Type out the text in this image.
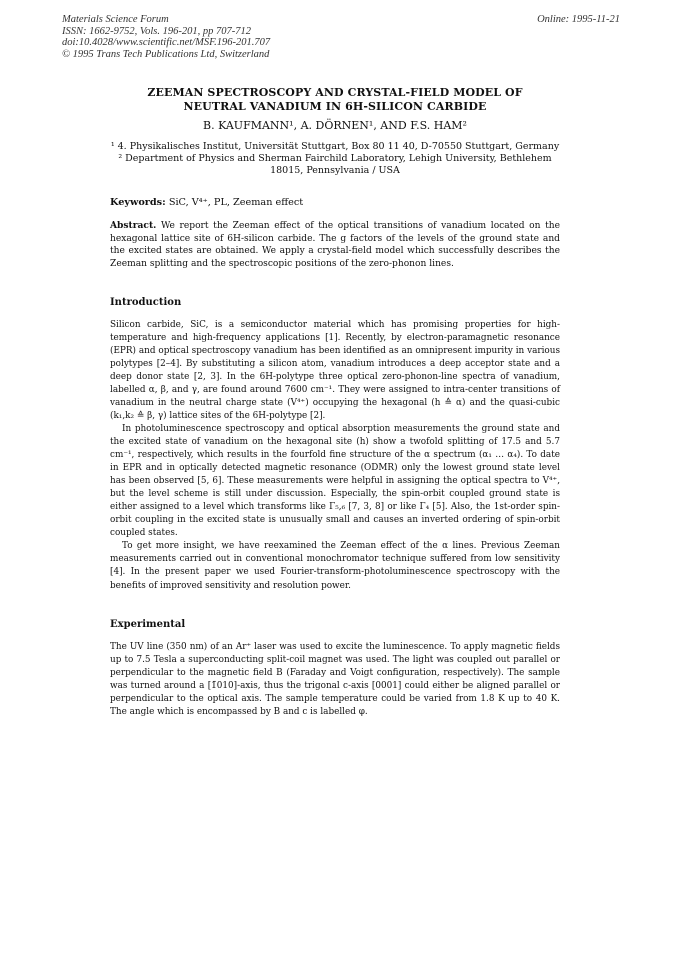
Materials Science Forum
ISSN: 1662-9752, Vols. 196-201, pp 707-712
doi:10.4028/www.scientific.net/MSF.196-201.707
© 1995 Trans Tech Publications Ltd, Switzerland
Online: 1995-11-21
ZEEMAN SPECTROSCOPY AND CRYSTAL-FIELD MODEL OF
NEUTRAL VANADIUM IN 6H-SILICON CARBIDE
B. KAUFMANN¹, A. DÖRNEN¹, AND F.S. HAM²
¹ 4. Physikalisches Institut, Universität Stuttgart, Box 80 11 40, D-70550 Stuttgart, Germany
² Department of Physics and Sherman Fairchild Laboratory, Lehigh University, Bethlehem
18015, Pennsylvania / USA
Keywords: SiC, V⁴⁺, PL, Zeeman effect
Abstract. We report the Zeeman effect of the optical transitions of vanadium located on the hexagonal lattice site of 6H-silicon carbide. The g factors of the levels of the ground state and the excited states are obtained. We apply a crystal-field model which successfully describes the Zeeman splitting and the spectroscopic positions of the zero-phonon lines.
Introduction

Silicon carbide, SiC, is a semiconductor material which has promising properties for high-temperature and high-frequency applications [1]. Recently, by electron-paramagnetic resonance (EPR) and optical spectroscopy vanadium has been identified as an omnipresent impurity in various polytypes [2–4]. By substituting a silicon atom, vanadium introduces a deep acceptor state and a deep donor state [2, 3]. In the 6H-polytype three optical zero-phonon-line spectra of vanadium, labelled α, β, and γ, are found around 7600 cm⁻¹. They were assigned to intra-center transitions of vanadium in the neutral charge state (V⁴⁺) occupying the hexagonal (h ≙ α) and the quasi-cubic (k₁,k₂ ≙ β, γ) lattice sites of the 6H-polytype [2].

In photoluminescence spectroscopy and optical absorption measurements the ground state and the excited state of vanadium on the hexagonal site (h) show a twofold splitting of 17.5 and 5.7 cm⁻¹, respectively, which results in the fourfold fine structure of the α spectrum (α₁ … α₄). To date in EPR and in optically detected magnetic resonance (ODMR) only the lowest ground state level has been observed [5, 6]. These measurements were helpful in assigning the optical spectra to V⁴⁺, but the level scheme is still under discussion. Especially, the spin-orbit coupled ground state is either assigned to a level which transforms like Γ₅,₆ [7, 3, 8] or like Γ₄ [5]. Also, the 1st-order spin-orbit coupling in the excited state is unusually small and causes an inverted ordering of spin-orbit coupled states.

To get more insight, we have reexamined the Zeeman effect of the α lines. Previous Zeeman measurements carried out in conventional monochromator technique suffered from low sensitivity [4]. In the present paper we used Fourier-transform-photoluminescence spectroscopy with the benefits of improved sensitivity and resolution power.

Experimental

The UV line (350 nm) of an Ar⁺ laser was used to excite the luminescence. To apply magnetic fields up to 7.5 Tesla a superconducting split-coil magnet was used. The light was coupled out parallel or perpendicular to the magnetic field B (Faraday and Voigt configuration, respectively). The sample was turned around a [1̄010]-axis, thus the trigonal c-axis [0001] could either be aligned parallel or perpendicular to the optical axis. The sample temperature could be varied from 1.8 K up to 40 K. The angle which is encompassed by B and c is labelled φ.
